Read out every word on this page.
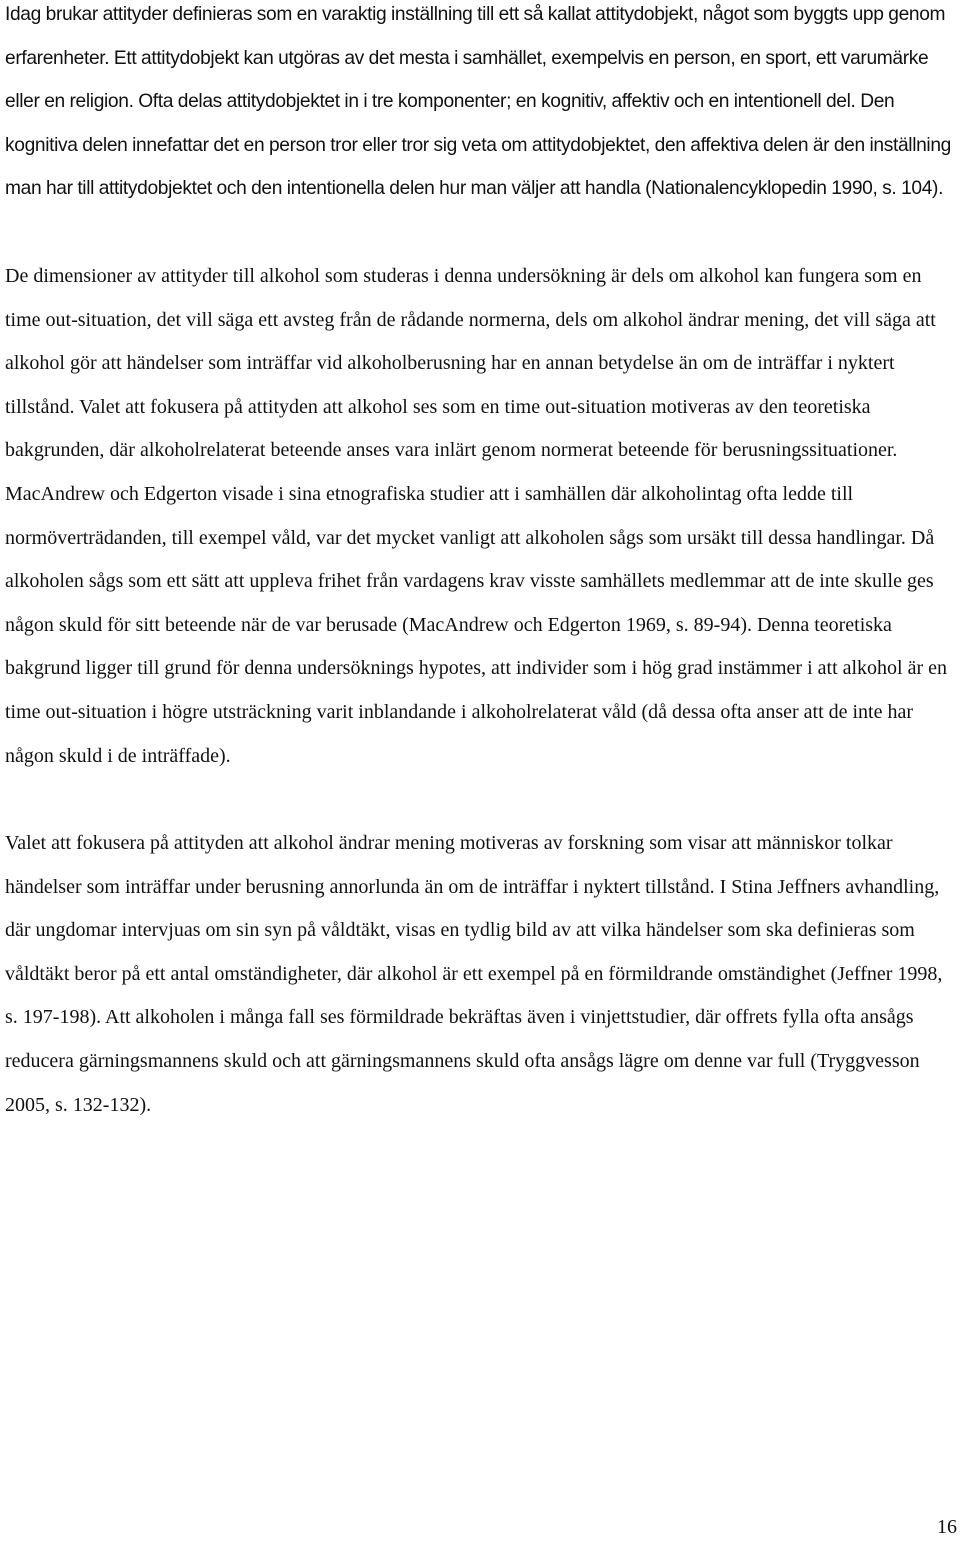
Idag brukar attityder definieras som en varaktig inställning till ett så kallat attitydobjekt, något som byggts upp genom erfarenheter. Ett attitydobjekt kan utgöras av det mesta i samhället, exempelvis en person, en sport, ett varumärke eller en religion. Ofta delas attitydobjektet in i tre komponenter; en kognitiv, affektiv och en intentionell del. Den kognitiva delen innefattar det en person tror eller tror sig veta om attitydobjektet, den affektiva delen är den inställning man har till attitydobjektet och den intentionella delen hur man väljer att handla (Nationalencyklopedin 1990, s. 104).

De dimensioner av attityder till alkohol som studeras i denna undersökning är dels om alkohol kan fungera som en time out-situation, det vill säga ett avsteg från de rådande normerna, dels om alkohol ändrar mening, det vill säga att alkohol gör att händelser som inträffar vid alkoholberusning har en annan betydelse än om de inträffar i nyktert tillstånd. Valet att fokusera på attityden att alkohol ses som en time out-situation motiveras av den teoretiska bakgrunden, där alkoholrelaterat beteende anses vara inlärt genom normerat beteende för berusningssituationer. MacAndrew och Edgerton visade i sina etnografiska studier att i samhällen där alkoholintag ofta ledde till normöverträdanden, till exempel våld, var det mycket vanligt att alkoholen sågs som ursäkt till dessa handlingar. Då alkoholen sågs som ett sätt att uppleva frihet från vardagens krav visste samhällets medlemmar att de inte skulle ges någon skuld för sitt beteende när de var berusade (MacAndrew och Edgerton 1969, s. 89-94). Denna teoretiska bakgrund ligger till grund för denna undersöknings hypotes, att individer som i hög grad instämmer i att alkohol är en time out-situation i högre utsträckning varit inblandande i alkoholrelaterat våld (då dessa ofta anser att de inte har någon skuld i de inträffade).

Valet att fokusera på attityden att alkohol ändrar mening motiveras av forskning som visar att människor tolkar händelser som inträffar under berusning annorlunda än om de inträffar i nyktert tillstånd. I Stina Jeffners avhandling, där ungdomar intervjuas om sin syn på våldtäkt, visas en tydlig bild av att vilka händelser som ska definieras som våldtäkt beror på ett antal omständigheter, där alkohol är ett exempel på en förmildrande omständighet (Jeffner 1998, s. 197-198). Att alkoholen i många fall ses förmildrade bekräftas även i vinjettstudier, där offrets fylla ofta ansågs reducera gärningsmannens skuld och att gärningsmannens skuld ofta ansågs lägre om denne var full (Tryggvesson 2005, s. 132-132).

16
